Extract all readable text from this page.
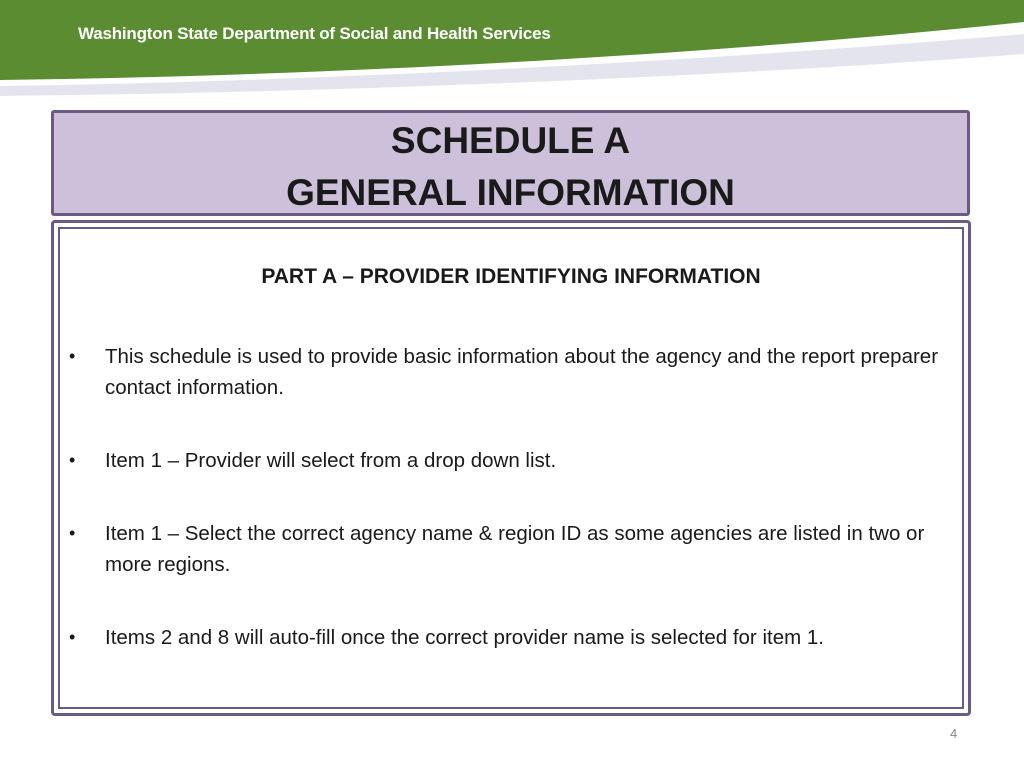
Washington State Department of Social and Health Services
SCHEDULE A
GENERAL INFORMATION
PART A – PROVIDER IDENTIFYING INFORMATION
• This schedule is used to provide basic information about the agency and the report preparer contact information.
• Item 1 – Provider will select from a drop down list.
• Item 1 – Select the correct agency name & region ID as some agencies are listed in two or more regions.
• Items 2 and 8 will auto-fill once the correct provider name is selected for item 1.
4
